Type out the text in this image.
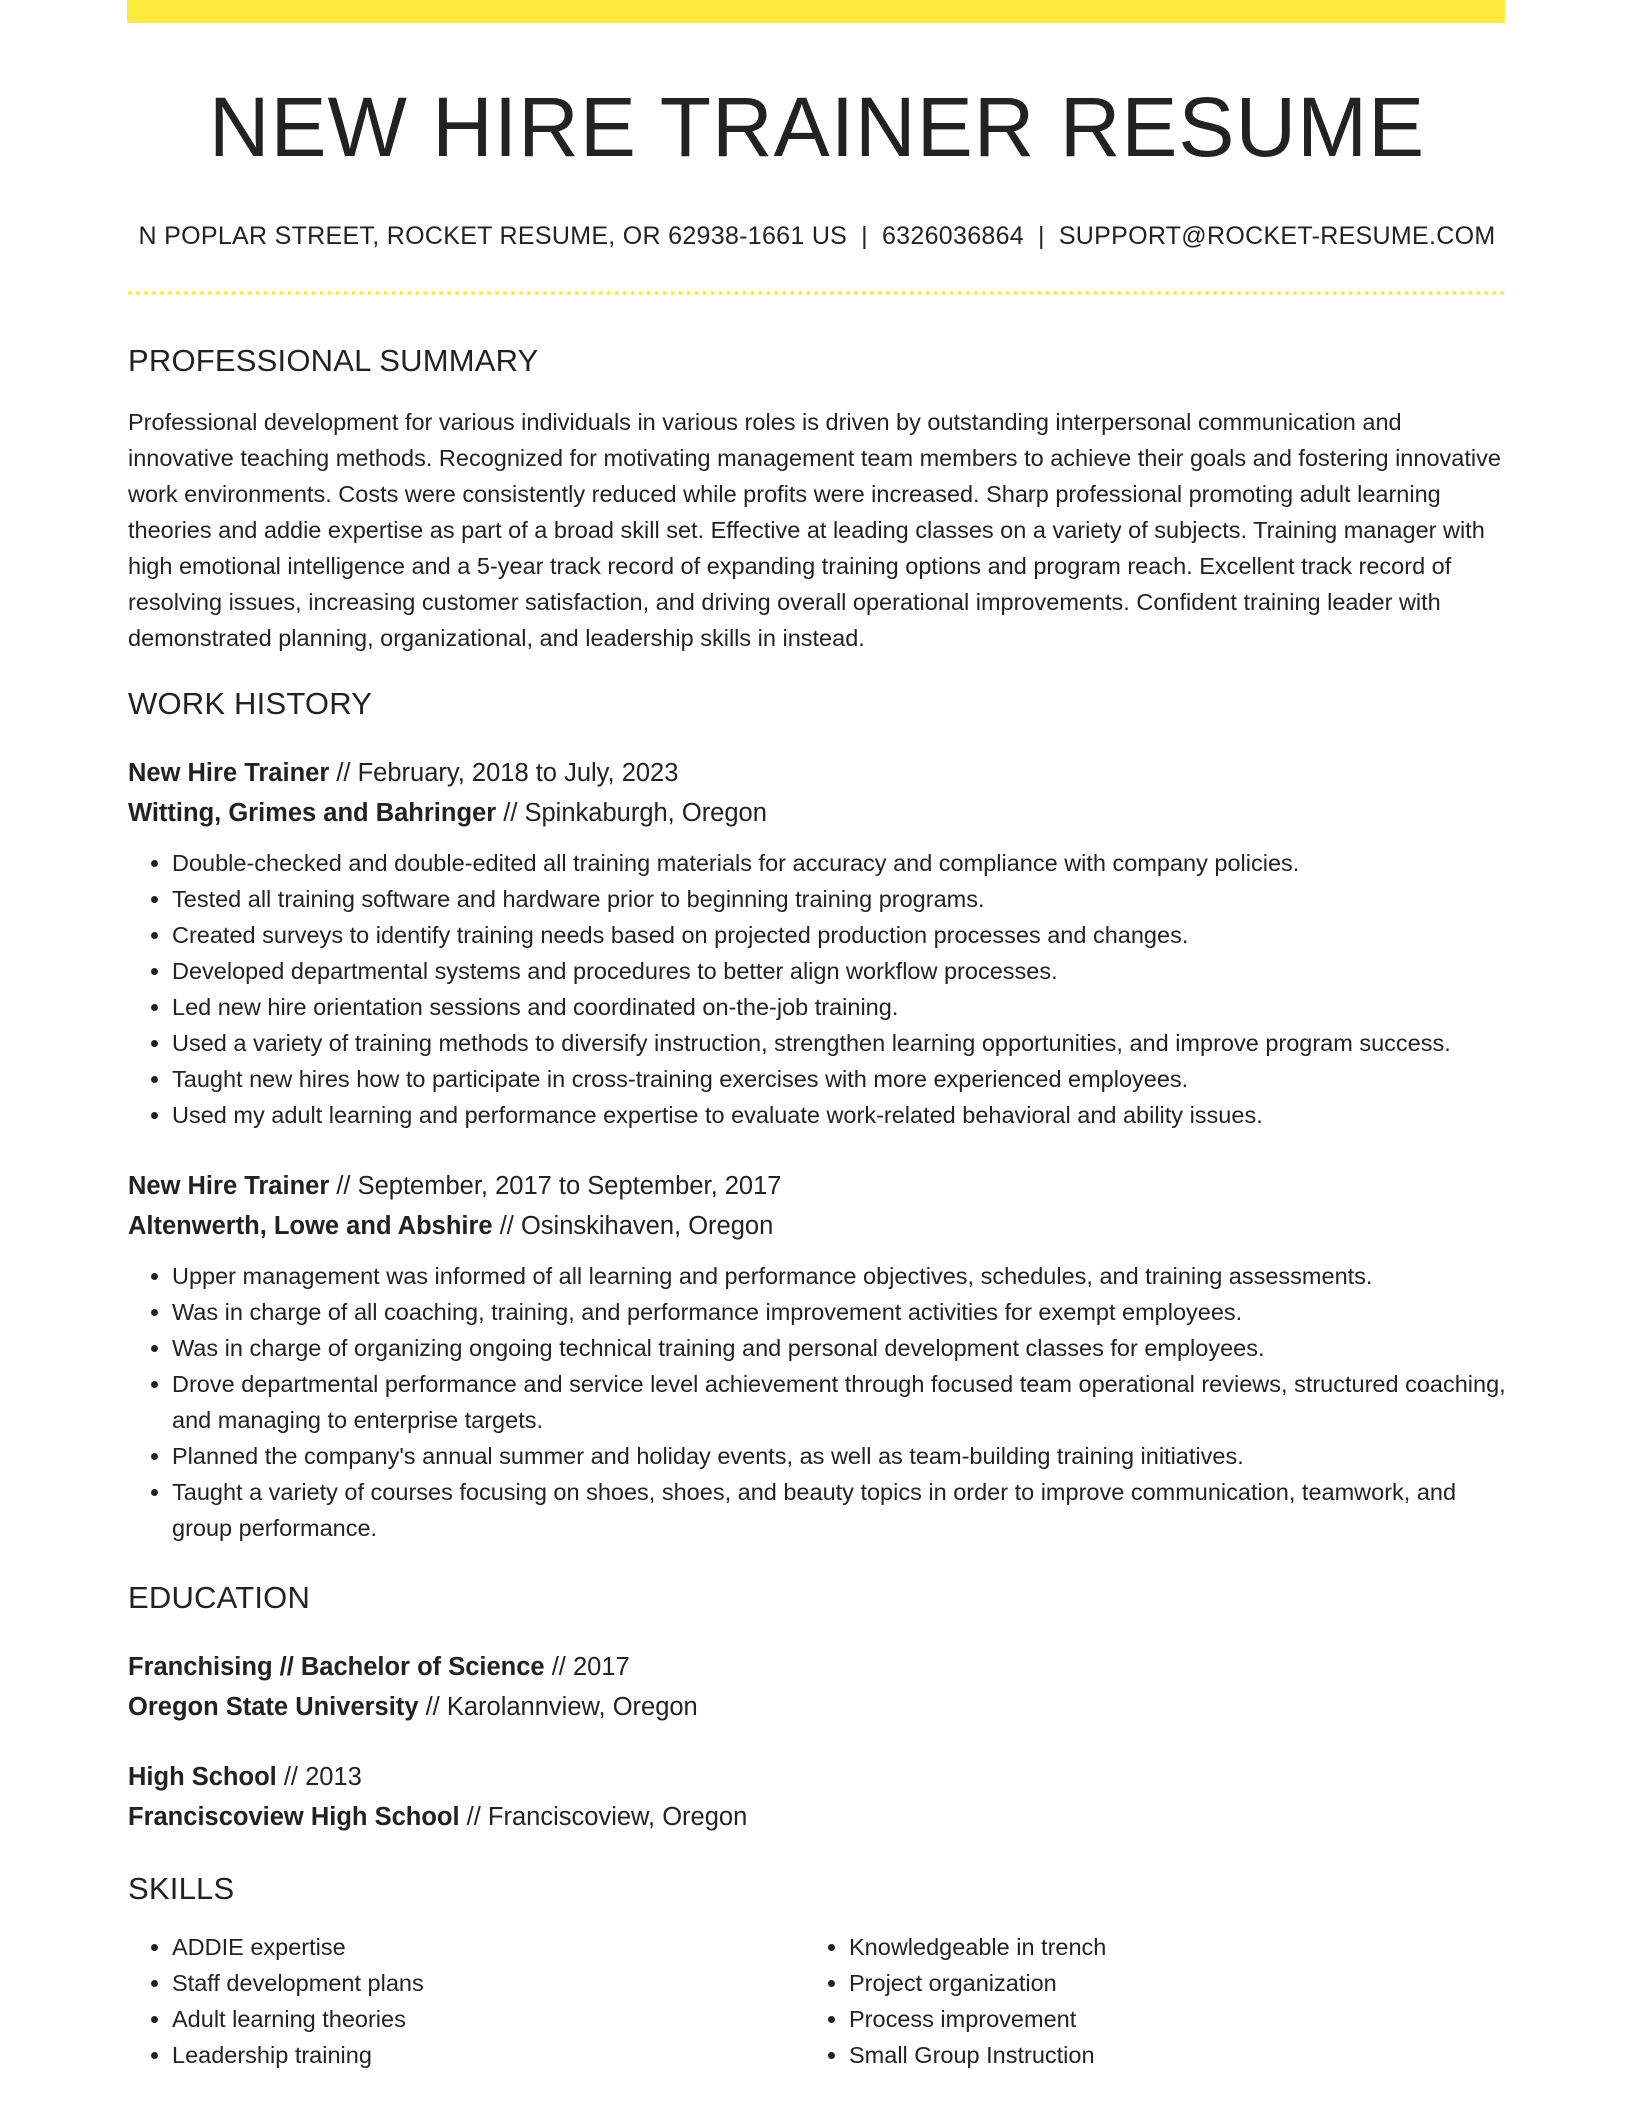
NEW HIRE TRAINER RESUME
N POPLAR STREET, ROCKET RESUME, OR 62938-1661 US | 6326036864 | SUPPORT@ROCKET-RESUME.COM
PROFESSIONAL SUMMARY
Professional development for various individuals in various roles is driven by outstanding interpersonal communication and innovative teaching methods. Recognized for motivating management team members to achieve their goals and fostering innovative work environments. Costs were consistently reduced while profits were increased. Sharp professional promoting adult learning theories and addie expertise as part of a broad skill set. Effective at leading classes on a variety of subjects. Training manager with high emotional intelligence and a 5-year track record of expanding training options and program reach. Excellent track record of resolving issues, increasing customer satisfaction, and driving overall operational improvements. Confident training leader with demonstrated planning, organizational, and leadership skills in instead.
WORK HISTORY
New Hire Trainer // February, 2018 to July, 2023
Witting, Grimes and Bahringer // Spinkaburgh, Oregon
• Double-checked and double-edited all training materials for accuracy and compliance with company policies.
• Tested all training software and hardware prior to beginning training programs.
• Created surveys to identify training needs based on projected production processes and changes.
• Developed departmental systems and procedures to better align workflow processes.
• Led new hire orientation sessions and coordinated on-the-job training.
• Used a variety of training methods to diversify instruction, strengthen learning opportunities, and improve program success.
• Taught new hires how to participate in cross-training exercises with more experienced employees.
• Used my adult learning and performance expertise to evaluate work-related behavioral and ability issues.
New Hire Trainer // September, 2017 to September, 2017
Altenwerth, Lowe and Abshire // Osinskihaven, Oregon
• Upper management was informed of all learning and performance objectives, schedules, and training assessments.
• Was in charge of all coaching, training, and performance improvement activities for exempt employees.
• Was in charge of organizing ongoing technical training and personal development classes for employees.
• Drove departmental performance and service level achievement through focused team operational reviews, structured coaching, and managing to enterprise targets.
• Planned the company's annual summer and holiday events, as well as team-building training initiatives.
• Taught a variety of courses focusing on shoes, shoes, and beauty topics in order to improve communication, teamwork, and group performance.
EDUCATION
Franchising // Bachelor of Science // 2017
Oregon State University // Karolannview, Oregon
High School // 2013
Franciscoview High School // Franciscoview, Oregon
SKILLS
• ADDIE expertise
• Staff development plans
• Adult learning theories
• Leadership training
• Knowledgeable in trench
• Project organization
• Process improvement
• Small Group Instruction
